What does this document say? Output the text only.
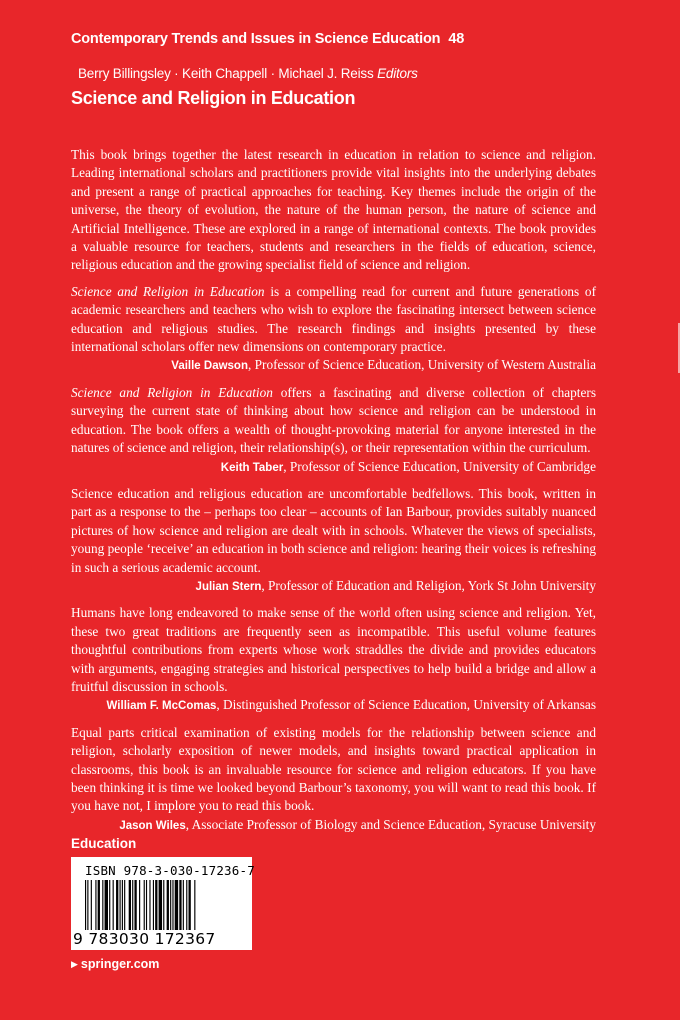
Contemporary Trends and Issues in Science Education 48
Berry Billingsley · Keith Chappell · Michael J. Reiss Editors
Science and Religion in Education

This book brings together the latest research in education in relation to science and religion. Leading international scholars and practitioners provide vital insights into the underlying debates and present a range of practical approaches for teaching. Key themes include the origin of the universe, the theory of evolution, the nature of the human person, the nature of science and Artificial Intelligence. These are explored in a range of international contexts. The book provides a valuable resource for teachers, students and researchers in the fields of education, science, religious education and the growing specialist field of science and religion.

Science and Religion in Education is a compelling read for current and future generations of academic researchers and teachers who wish to explore the fascinating intersect between science education and religious studies. The research findings and insights presented by these international scholars offer new dimensions on contemporary practice.

Vaille Dawson, Professor of Science Education, University of Western Australia

Science and Religion in Education offers a fascinating and diverse collection of chapters surveying the current state of thinking about how science and religion can be understood in education. The book offers a wealth of thought-provoking material for anyone interested in the natures of science and religion, their relationship(s), or their representation within the curriculum.

Keith Taber, Professor of Science Education, University of Cambridge

Science education and religious education are uncomfortable bedfellows. This book, written in part as a response to the – perhaps too clear – accounts of Ian Barbour, provides suitably nuanced pictures of how science and religion are dealt with in schools. Whatever the views of specialists, young people ‘receive’ an education in both science and religion: hearing their voices is refreshing in such a serious academic account.

Julian Stern, Professor of Education and Religion, York St John University

Humans have long endeavored to make sense of the world often using science and religion. Yet, these two great traditions are frequently seen as incompatible. This useful volume features thoughtful contributions from experts whose work straddles the divide and provides educators with arguments, engaging strategies and historical perspectives to help build a bridge and allow a fruitful discussion in schools.

William F. McComas, Distinguished Professor of Science Education, University of Arkansas

Equal parts critical examination of existing models for the relationship between science and religion, scholarly exposition of newer models, and insights toward practical application in classrooms, this book is an invaluable resource for science and religion educators. If you have been thinking it is time we looked beyond Barbour’s taxonomy, you will want to read this book. If you have not, I implore you to read this book.

Jason Wiles, Associate Professor of Biology and Science Education, Syracuse University

Education
ISBN 978-3-030-17236-7
9 783030 172367
▶ springer.com
